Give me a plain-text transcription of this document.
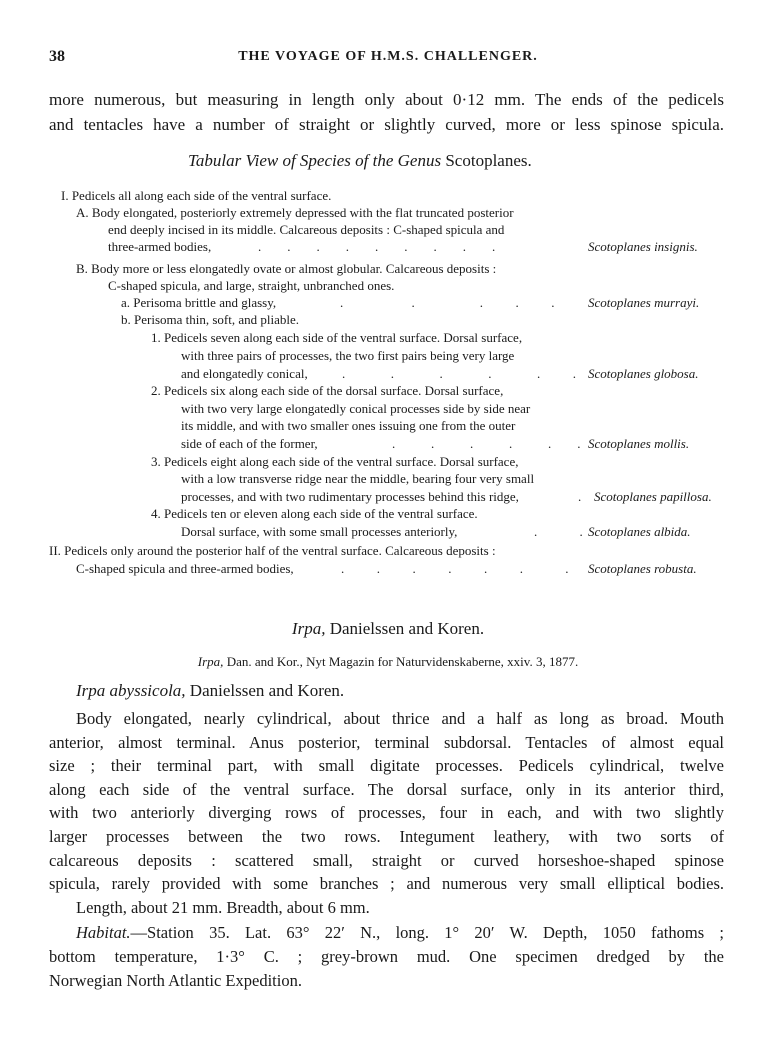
38	THE VOYAGE OF H.M.S. CHALLENGER.
more numerous, but measuring in length only about 0·12 mm. The ends of the pedicels
and tentacles have a number of straight or slightly curved, more or less spinose spicula.
Tabular View of Species of the Genus Scotoplanes.
I. Pedicels all along each side of the ventral surface.
A. Body elongated, posteriorly extremely depressed with the flat truncated posterior
end deeply incised in its middle. Calcareous deposits : C-shaped spicula and
three-armed bodies,	.        .        .        .        .        .        .        .        .	Scotoplanes insignis.
B. Body more or less elongatedly ovate or almost globular. Calcareous deposits :
C-shaped spicula, and large, straight, unbranched ones.
a. Perisoma brittle and glassy,	.                     .                    .          .          .	Scotoplanes murrayi.
b. Perisoma thin, soft, and pliable.
1. Pedicels seven along each side of the ventral surface. Dorsal surface,
with three pairs of processes, the two first pairs being very large
and elongatedly conical,	.              .              .              .              .          . Scotoplanes globosa.
2. Pedicels six along each side of the dorsal surface. Dorsal surface,
with two very large elongatedly conical processes side by side near
its middle, and with two smaller ones issuing one from the outer
side of each of the former,	.           .           .           .           .        . Scotoplanes mollis.
3. Pedicels eight along each side of the ventral surface. Dorsal surface,
with a low transverse ridge near the middle, bearing four very small
processes, and with two rudimentary processes behind this ridge,	. Scotoplanes papillosa.
4. Pedicels ten or eleven along each side of the ventral surface.
Dorsal surface, with some small processes anteriorly,	.             . Scotoplanes albida.
II. Pedicels only around the posterior half of the ventral surface. Calcareous deposits :
C-shaped spicula and three-armed bodies,	.          .          .          .          .          .             . Scotoplanes robusta.
Irpa, Danielssen and Koren.
Irpa, Dan. and Kor., Nyt Magazin for Naturvidenskaberne, xxiv. 3, 1877.
Irpa abyssicola, Danielssen and Koren.
Body elongated, nearly cylindrical, about thrice and a half as long as broad. Mouth
anterior, almost terminal. Anus posterior, terminal subdorsal. Tentacles of almost equal
size ; their terminal part, with small digitate processes. Pedicels cylindrical, twelve
along each side of the ventral surface. The dorsal surface, only in its anterior third,
with two anteriorly diverging rows of processes, four in each, and with two slightly
larger processes between the two rows. Integument leathery, with two sorts of
calcareous deposits : scattered small, straight or curved horseshoe-shaped spinose
spicula, rarely provided with some branches ; and numerous very small elliptical bodies.
Length, about 21 mm. Breadth, about 6 mm.
Habitat.—Station 35. Lat. 63° 22′ N., long. 1° 20′ W. Depth, 1050 fathoms ;
bottom temperature, 1·3° C. ; grey-brown mud. One specimen dredged by the
Norwegian North Atlantic Expedition.
